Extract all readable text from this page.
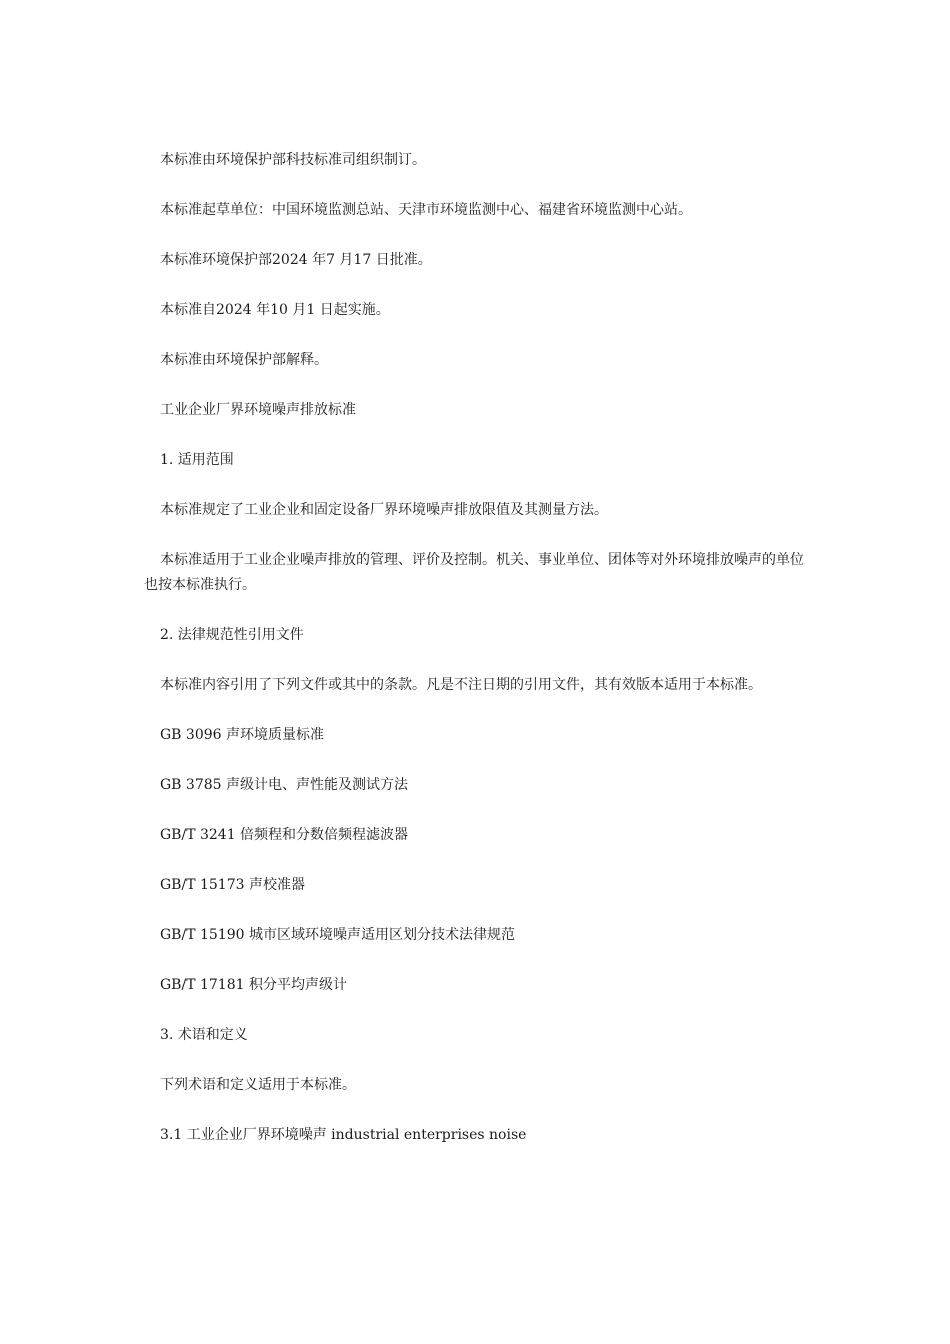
本标准由环境保护部科技标准司组织制订。

本标准起草单位：中国环境监测总站、天津市环境监测中心、福建省环境监测中心站。

本标准环境保护部2024 年7 月17 日批准。

本标准自2024 年10 月1 日起实施。

本标准由环境保护部解释。

工业企业厂界环境噪声排放标准

1. 适用范围

本标准规定了工业企业和固定设备厂界环境噪声排放限值及其测量方法。

本标准适用于工业企业噪声排放的管理、评价及控制。机关、事业单位、团体等对外环境排放噪声的单位也按本标准执行。

2. 法律规范性引用文件

本标准内容引用了下列文件或其中的条款。凡是不注日期的引用文件，其有效版本适用于本标准。

GB 3096 声环境质量标准

GB 3785 声级计电、声性能及测试方法

GB/T 3241 倍频程和分数倍频程滤波器

GB/T 15173 声校准器

GB/T 15190 城市区域环境噪声适用区划分技术法律规范

GB/T 17181 积分平均声级计

3. 术语和定义

下列术语和定义适用于本标准。

3.1 工业企业厂界环境噪声 industrial enterprises noise
